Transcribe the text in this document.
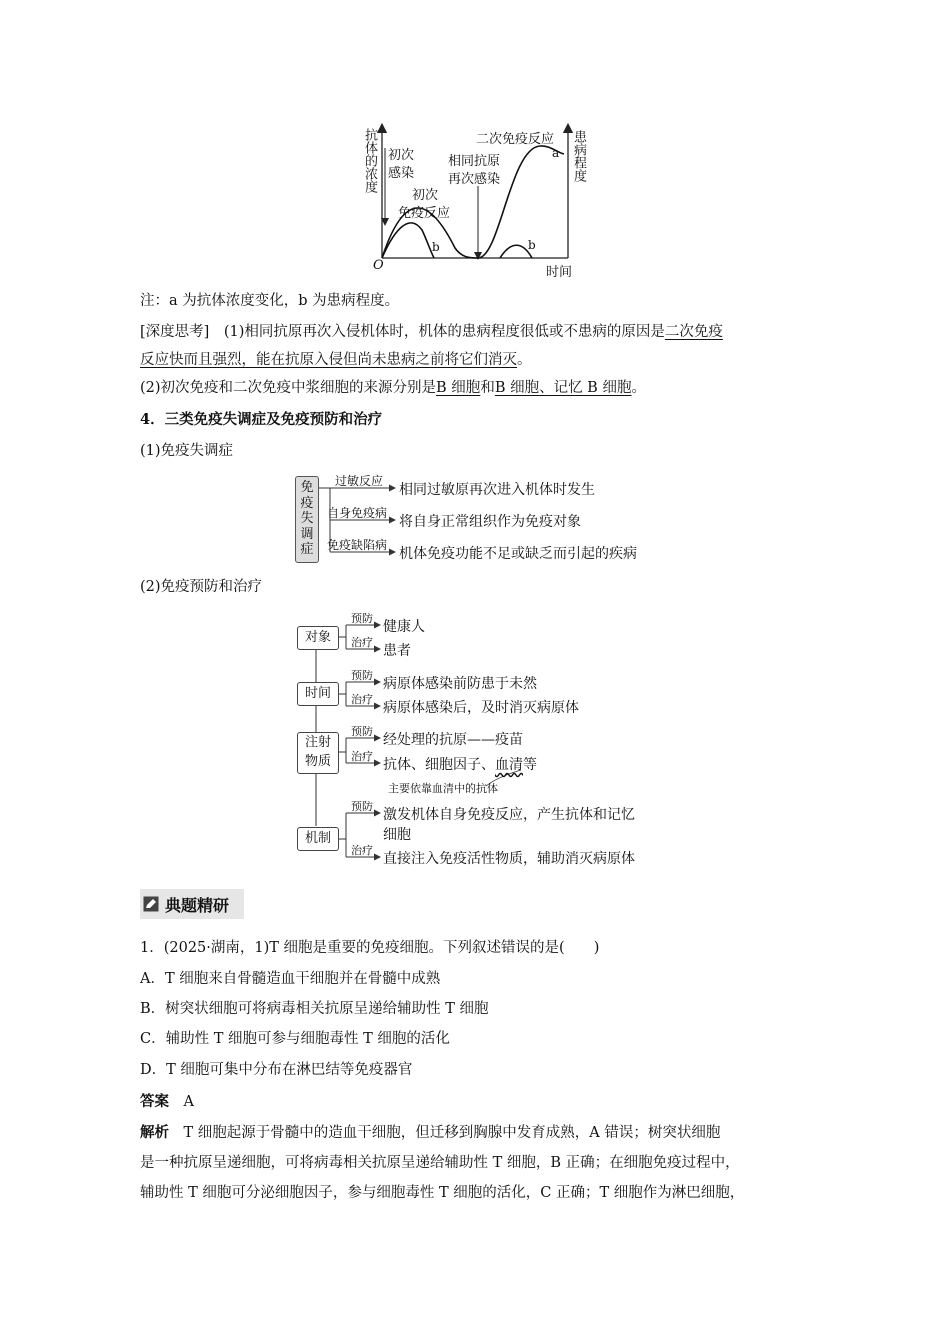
抗体的浓度	患病程度
时间
O
初次
感染
初次
免疫反应
相同抗原
再次感染
二次免疫反应
a
b	b
注：a 为抗体浓度变化，b 为患病程度。
[深度思考]　 (1)相同抗原再次入侵机体时，机体的患病程度很低或不患病的原因是二次免疫
反应快而且强烈，能在抗原入侵但尚未患病之前将它们消灭。
(2)初次免疫和二次免疫中浆细胞的来源分别是B 细胞和B 细胞、记忆 B 细胞。
4．三类免疫失调症及免疫预防和治疗
(1)免疫失调症
免
疫
失
调
症
过敏反应
自身免疫病
免疫缺陷病
相同过敏原再次进入机体时发生
将自身正常组织作为免疫对象
机体免疫功能不足或缺乏而引起的疾病
(2)免疫预防和治疗
对象
时间
注射
物质
机制
预防
治疗
预防
治疗
预防
治疗
预防
治疗
健康人
患者
病原体感染前防患于未然
病原体感染后，及时消灭病原体
经处理的抗原——疫苗
抗体、细胞因子、血清等
主要依靠血清中的抗体
激发机体自身免疫反应，产生抗体和记忆
细胞
直接注入免疫活性物质，辅助消灭病原体
典题精研
1．(2025·湖南，1)T 细胞是重要的免疫细胞。下列叙述错误的是(　　)
A．T 细胞来自骨髓造血干细胞并在骨髓中成熟
B．树突状细胞可将病毒相关抗原呈递给辅助性 T 细胞
C．辅助性 T 细胞可参与细胞毒性 T 细胞的活化
D．T 细胞可集中分布在淋巴结等免疫器官
答案　 A
解析　 T 细胞起源于骨髓中的造血干细胞，但迁移到胸腺中发育成熟，A 错误；树突状细胞
是一种抗原呈递细胞，可将病毒相关抗原呈递给辅助性 T 细胞，B 正确；在细胞免疫过程中，
辅助性 T 细胞可分泌细胞因子，参与细胞毒性 T 细胞的活化，C 正确；T 细胞作为淋巴细胞，
